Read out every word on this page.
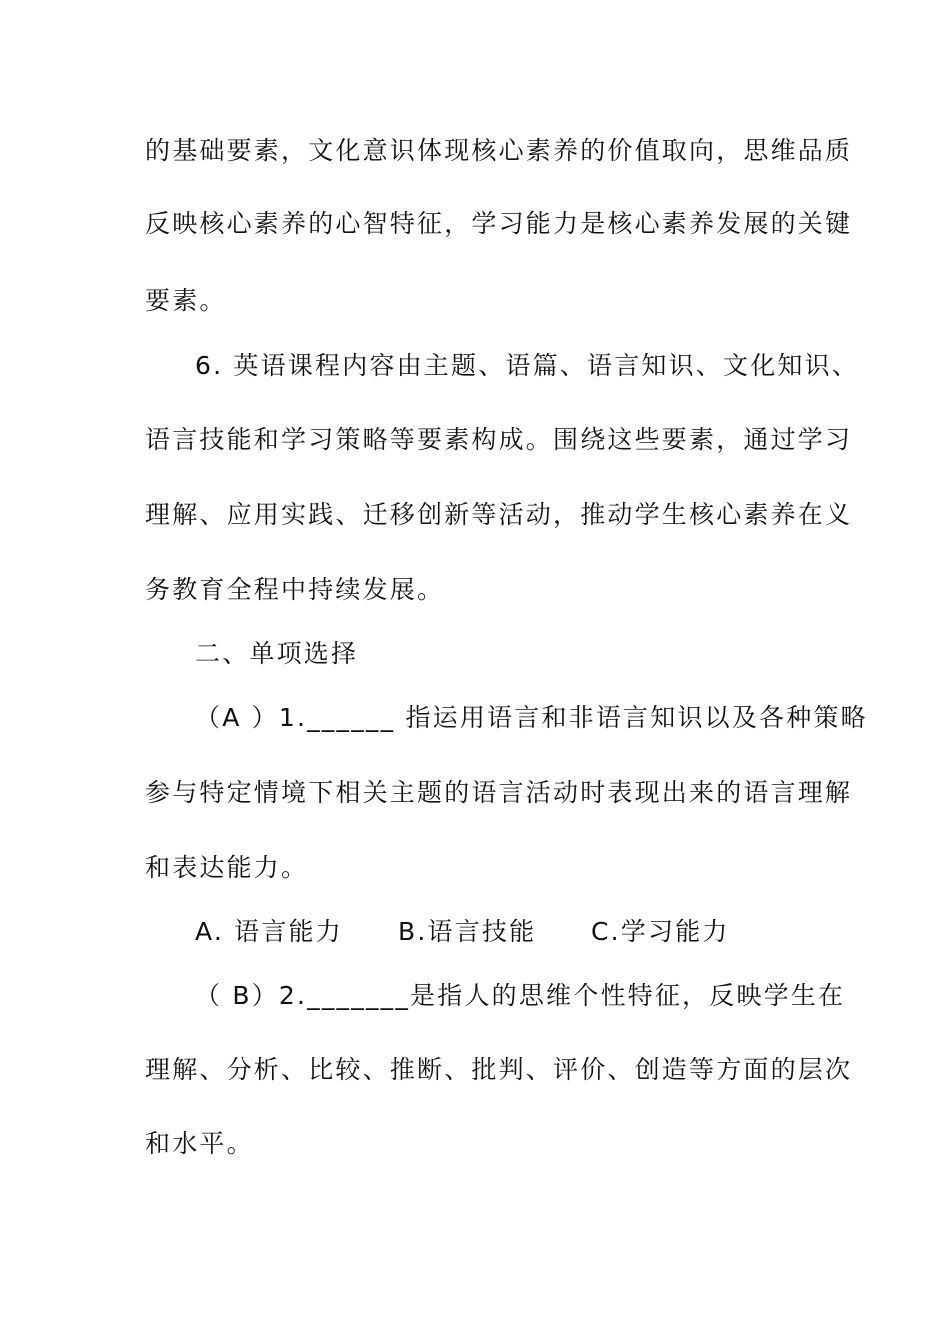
的基础要素，文化意识体现核心素养的价值取向，思维品质
反映核心素养的心智特征，学习能力是核心素养发展的关键
要素。
6. 英语课程内容由主题、语篇、语言知识、文化知识、
语言技能和学习策略等要素构成。围绕这些要素，通过学习
理解、应用实践、迁移创新等活动，推动学生核心素养在义
务教育全程中持续发展。
二、单项选择
（A ）1.______ 指运用语言和非语言知识以及各种策略
参与特定情境下相关主题的语言活动时表现出来的语言理解
和表达能力。
A. 语言能力 B.语言技能 C.学习能力
（ B）2._______是指人的思维个性特征，反映学生在
理解、分析、比较、推断、批判、评价、创造等方面的层次
和水平。
